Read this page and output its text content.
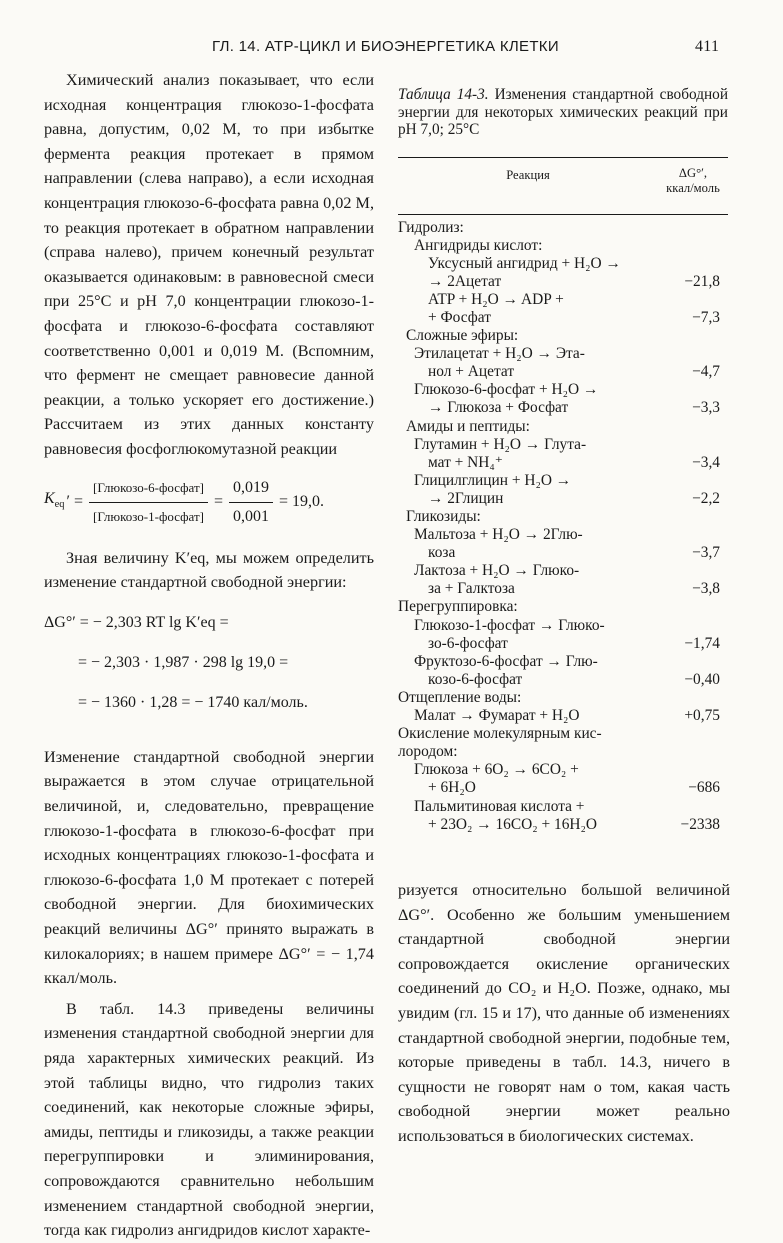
ГЛ. 14. АТР-ЦИКЛ И БИОЭНЕРГЕТИКА КЛЕТКИ	411

Химический анализ показывает, что если исходная концентрация глюкозо-1-фосфата равна, допустим, 0,02 М, то при избытке фермента реакция протекает в прямом направлении (слева направо), а если исходная концентрация глюкозо-6-фосфата равна 0,02 М, то реакция протекает в обратном направлении (справа налево), причем конечный результат оказывается одинаковым: в равновесной смеси при 25°С и рН 7,0 концентрации глюкозо-1-фосфата и глюкозо-6-фосфата составляют соответственно 0,001 и 0,019 М. (Вспомним, что фермент не смещает равновесие данной реакции, а только ускоряет его достижение.) Рассчитаем из этих данных константу равновесия фосфоглюкомутазной реакции

$K_{eq}$ ′ = $\frac{\text{[Глюкозо-6-фосфат]}}{\text{[Глюкозо-1-фосфат]}} = \frac{0,019}{0,001} = 19,0$.

Зная величину K′eq, мы можем определить изменение стандартной свободной энергии:

ΔG°′ = − 2,303 RT lg K′eq =
= − 2,303 · 1,987 · 298 lg 19,0 =
= − 1360 · 1,28 = − 1740 кал/моль.

Изменение стандартной свободной энергии выражается в этом случае отрицательной величиной, и, следовательно, превращение глюкозо-1-фосфата в глюкозо-6-фосфат при исходных концентрациях глюкозо-1-фосфата и глюкозо-6-фосфата 1,0 М протекает с потерей свободной энергии. Для биохимических реакций величины ΔG°′ принято выражать в килокалориях; в нашем примере ΔG°′ = − 1,74 ккал/моль.

В табл. 14.3 приведены величины изменения стандартной свободной энергии для ряда характерных химических реакций. Из этой таблицы видно, что гидролиз таких соединений, как некоторые сложные эфиры, амиды, пептиды и гликозиды, а также реакции перегруппировки и элиминирования, сопровождаются сравнительно небольшим изменением стандартной свободной энергии, тогда как гидролиз ангидридов кислот характе-

Таблица 14-3. Изменения стандартной свободной энергии для некоторых химических реакций при рН 7,0; 25°С
Реакция	ΔG°′,
ккал/моль
Гидролиз:
Ангидриды кислот:
Уксусный ангидрид + H₂O →
→ 2Ацетат	−21,8
ATP + H₂O → ADP +
+ Фосфат	−7,3
Сложные эфиры:
Этилацетат + H₂O → Эта-
нол + Ацетат	−4,7
Глюкозо-6-фосфат + H₂O →
→ Глюкоза + Фосфат	−3,3
Амиды и пептиды:
Глутамин + H₂O → Глута-
мат + NH₄⁺	−3,4
Глицилглицин + H₂O →
→ 2Глицин	−2,2
Гликозиды:
Мальтоза + H₂O → 2Глю-
коза	−3,7
Лактоза + H₂O → Глюко-
за + Галктоза	−3,8
Перегруппировка:
Глюкозо-1-фосфат → Глюко-
зо-6-фосфат	−1,74
Фруктозо-6-фосфат → Глю-
козо-6-фосфат	−0,40
Отщепление воды:
Малат → Фумарат + H₂O	+0,75
Окисление молекулярным кис-
лородом:
Глюкоза + 6O₂ → 6CO₂ +
+ 6H₂O	−686
Пальмитиновая кислота +
+ 23O₂ → 16CO₂ + 16H₂O	−2338

ризуется относительно большой величиной ΔG°′. Особенно же большим уменьшением стандартной свободной энергии сопровождается окисление органических соединений до CO₂ и H₂O. Позже, однако, мы увидим (гл. 15 и 17), что данные об изменениях стандартной свободной энергии, подобные тем, которые приведены в табл. 14.3, ничего в сущности не говорят нам о том, какая часть свободной энергии может реально использоваться в биологических системах.
